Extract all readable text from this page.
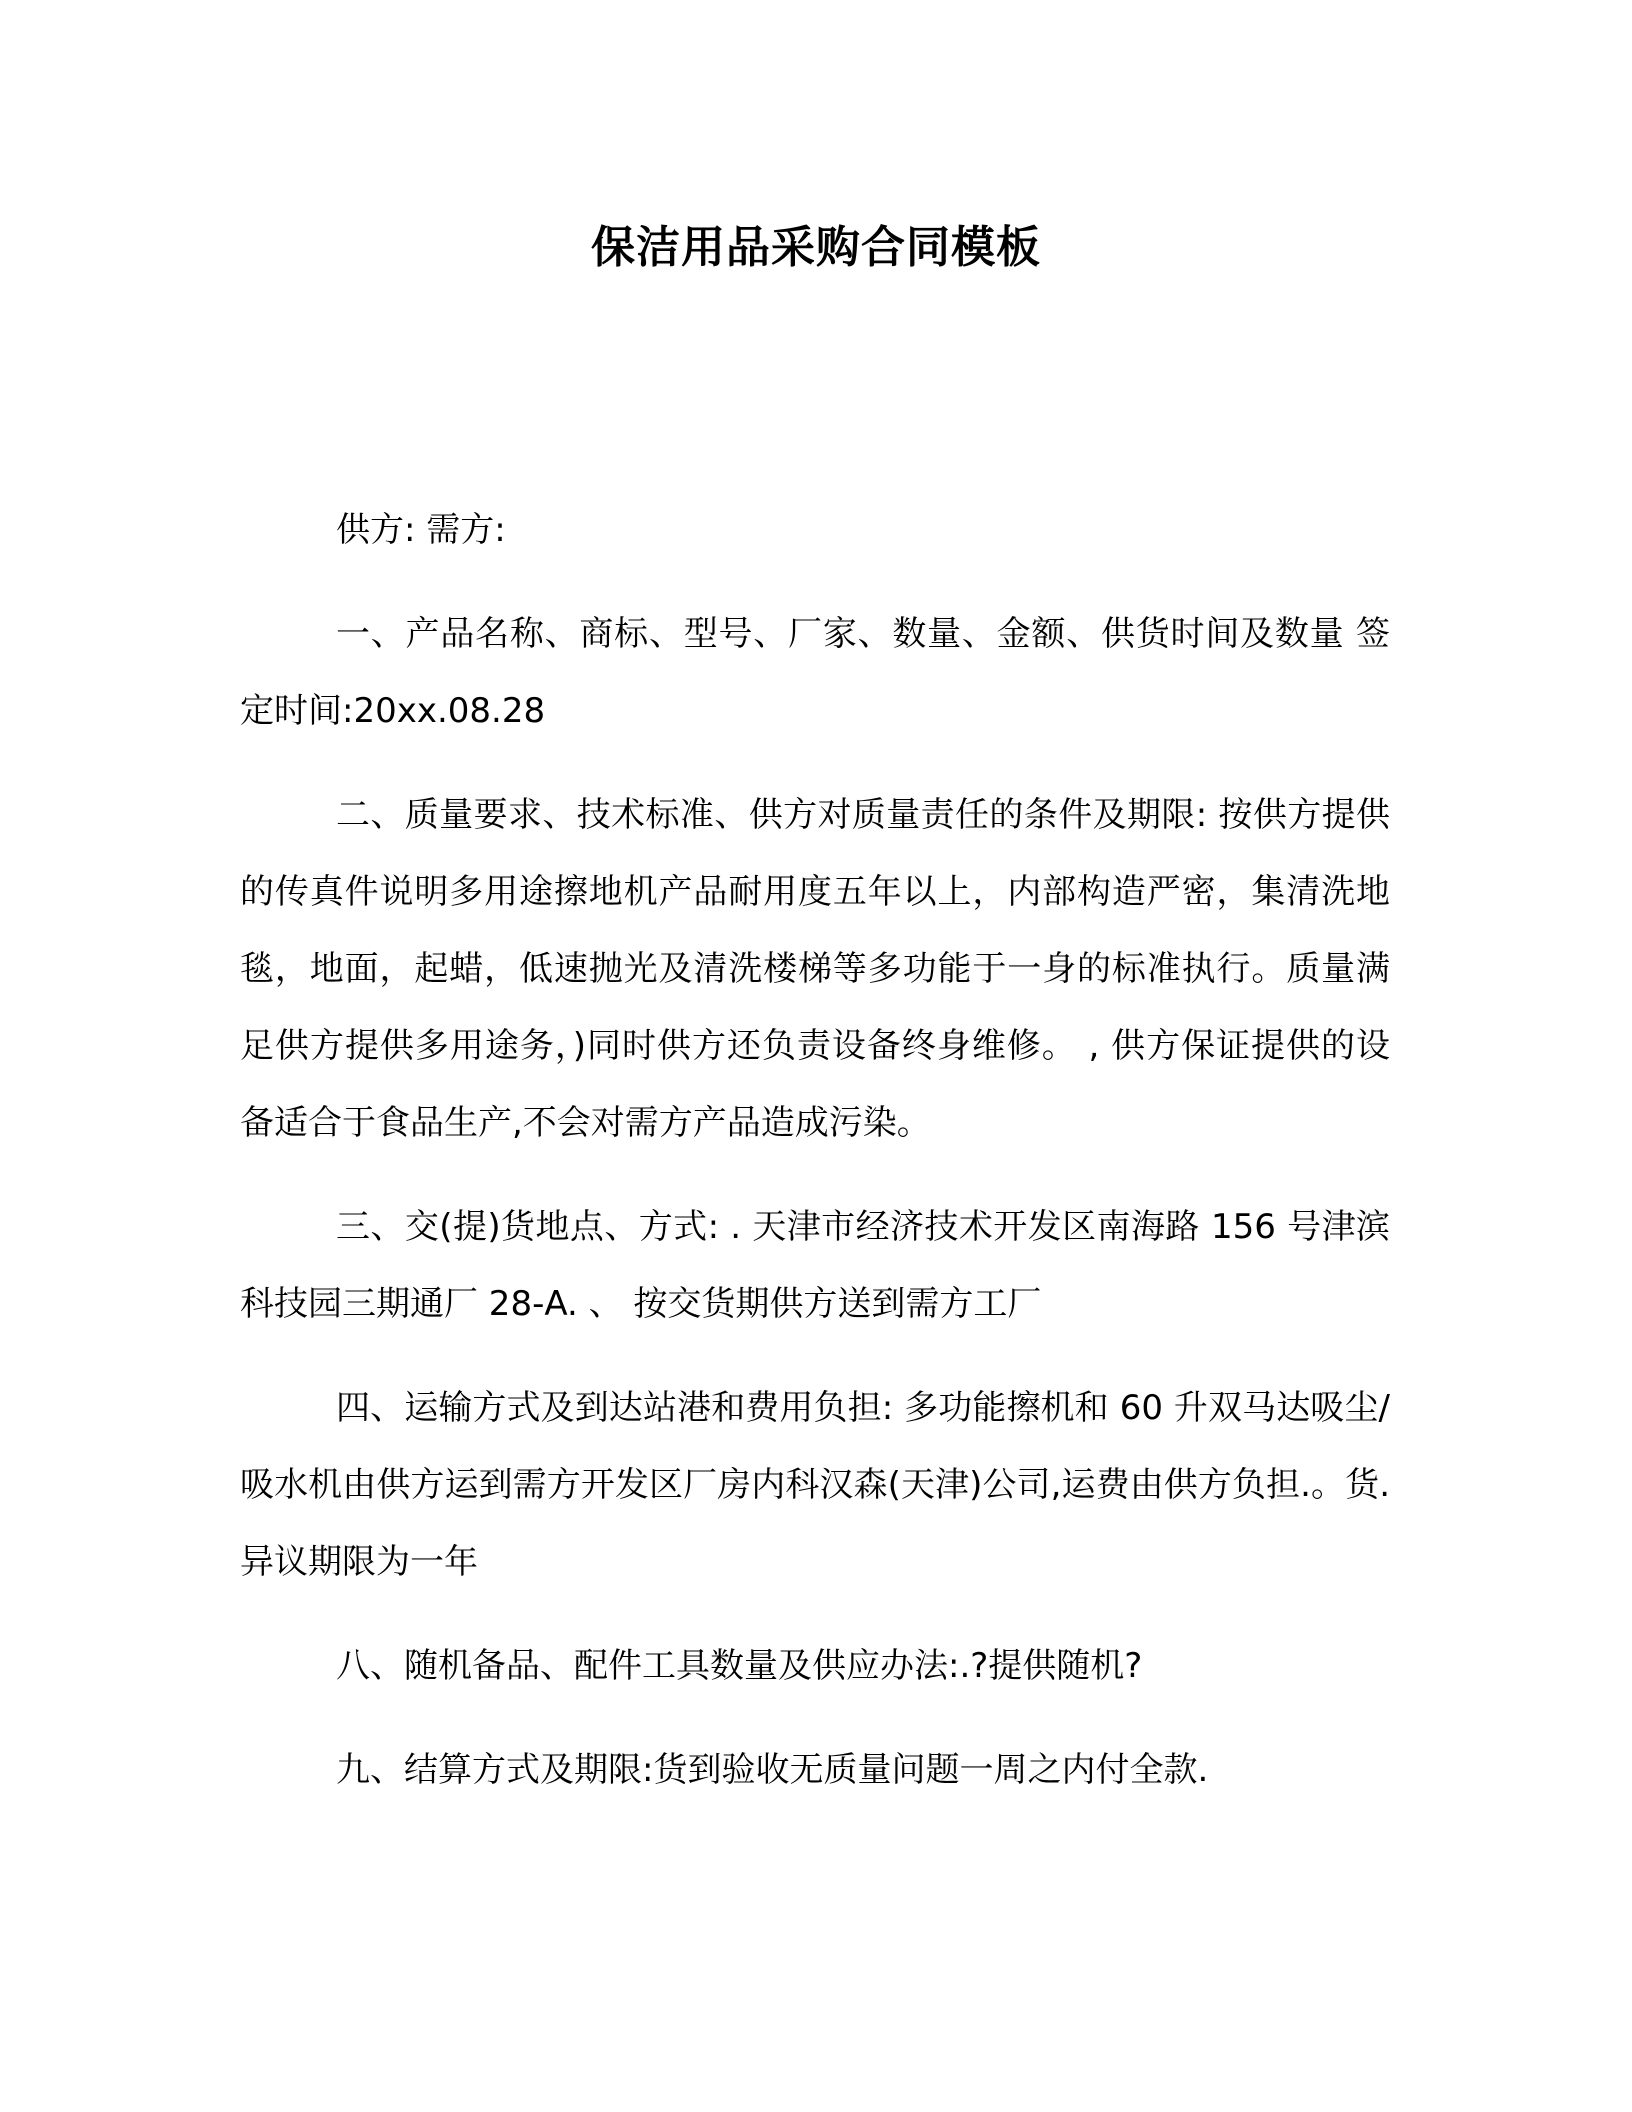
保洁用品采购合同模板

供方: 需方:

一、产品名称、商标、型号、厂家、数量、金额、供货时间及数量 签定时间:20xx.08.28

二、质量要求、技术标准、供方对质量责任的条件及期限: 按供方提供的传真件说明多用途擦地机产品耐用度五年以上，内部构造严密，集清洗地毯，地面，起蜡，低速抛光及清洗楼梯等多功能于一身的标准执行。质量满足供方提供多用途务，)同时供方还负责设备终身维修。 , 供方保证提供的设备适合于食品生产,不会对需方产品造成污染。

三、交(提)货地点、方式: . 天津市经济技术开发区南海路 156 号津滨科技园三期通厂 28-A. 、 按交货期供方送到需方工厂

四、运输方式及到达站港和费用负担: 多功能擦机和 60 升双马达吸尘/吸水机由供方运到需方开发区厂房内科汉森(天津)公司,运费由供方负担.。货. 异议期限为一年

八、随机备品、配件工具数量及供应办法:.?提供随机?

九、结算方式及期限:货到验收无质量问题一周之内付全款.
